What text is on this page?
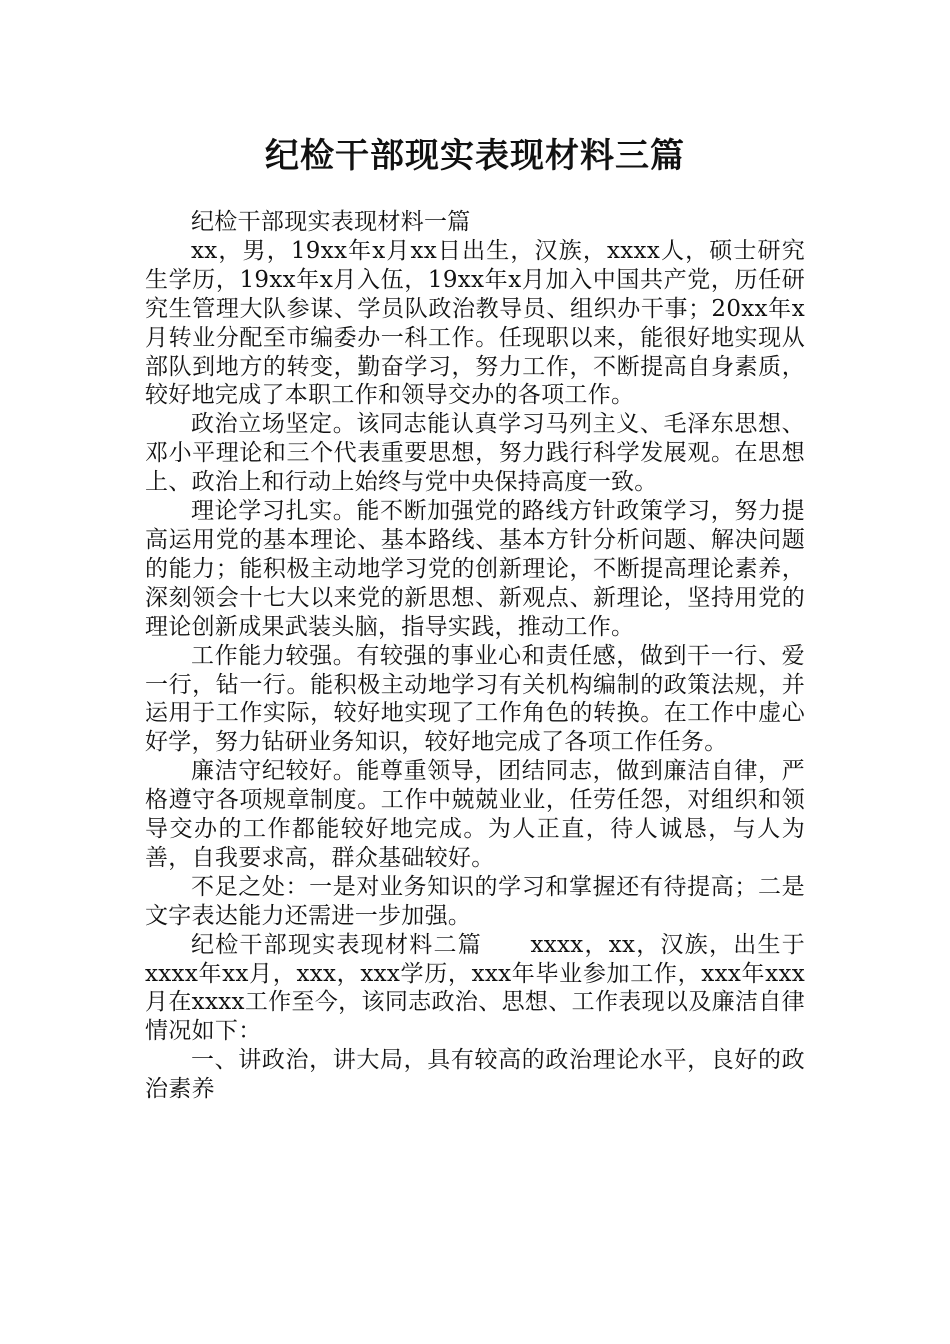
纪检干部现实表现材料三篇

纪检干部现实表现材料一篇

xx，男，19xx年x月xx日出生，汉族，xxxx人，硕士研究生学历，19xx年x月入伍，19xx年x月加入中国共产党，历任研究生管理大队参谋、学员队政治教导员、组织办干事；20xx年x月转业分配至市编委办一科工作。任现职以来，能很好地实现从部队到地方的转变，勤奋学习，努力工作，不断提高自身素质，较好地完成了本职工作和领导交办的各项工作。

政治立场坚定。该同志能认真学习马列主义、毛泽东思想、邓小平理论和三个代表重要思想，努力践行科学发展观。在思想上、政治上和行动上始终与党中央保持高度一致。

理论学习扎实。能不断加强党的路线方针政策学习，努力提高运用党的基本理论、基本路线、基本方针分析问题、解决问题的能力；能积极主动地学习党的创新理论，不断提高理论素养，深刻领会十七大以来党的新思想、新观点、新理论，坚持用党的理论创新成果武装头脑，指导实践，推动工作。

工作能力较强。有较强的事业心和责任感，做到干一行、爱一行，钻一行。能积极主动地学习有关机构编制的政策法规，并运用于工作实际，较好地实现了工作角色的转换。在工作中虚心好学，努力钻研业务知识，较好地完成了各项工作任务。

廉洁守纪较好。能尊重领导，团结同志，做到廉洁自律，严格遵守各项规章制度。工作中兢兢业业，任劳任怨，对组织和领导交办的工作都能较好地完成。为人正直，待人诚恳，与人为善，自我要求高，群众基础较好。

不足之处：一是对业务知识的学习和掌握还有待提高；二是文字表达能力还需进一步加强。

纪检干部现实表现材料二篇　　xxxx，xx，汉族，出生于xxxx年xx月，xxx，xxx学历，xxx年毕业参加工作，xxx年xxx月在xxxx工作至今，该同志政治、思想、工作表现以及廉洁自律情况如下：

一、讲政治，讲大局，具有较高的政治理论水平，良好的政治素养
